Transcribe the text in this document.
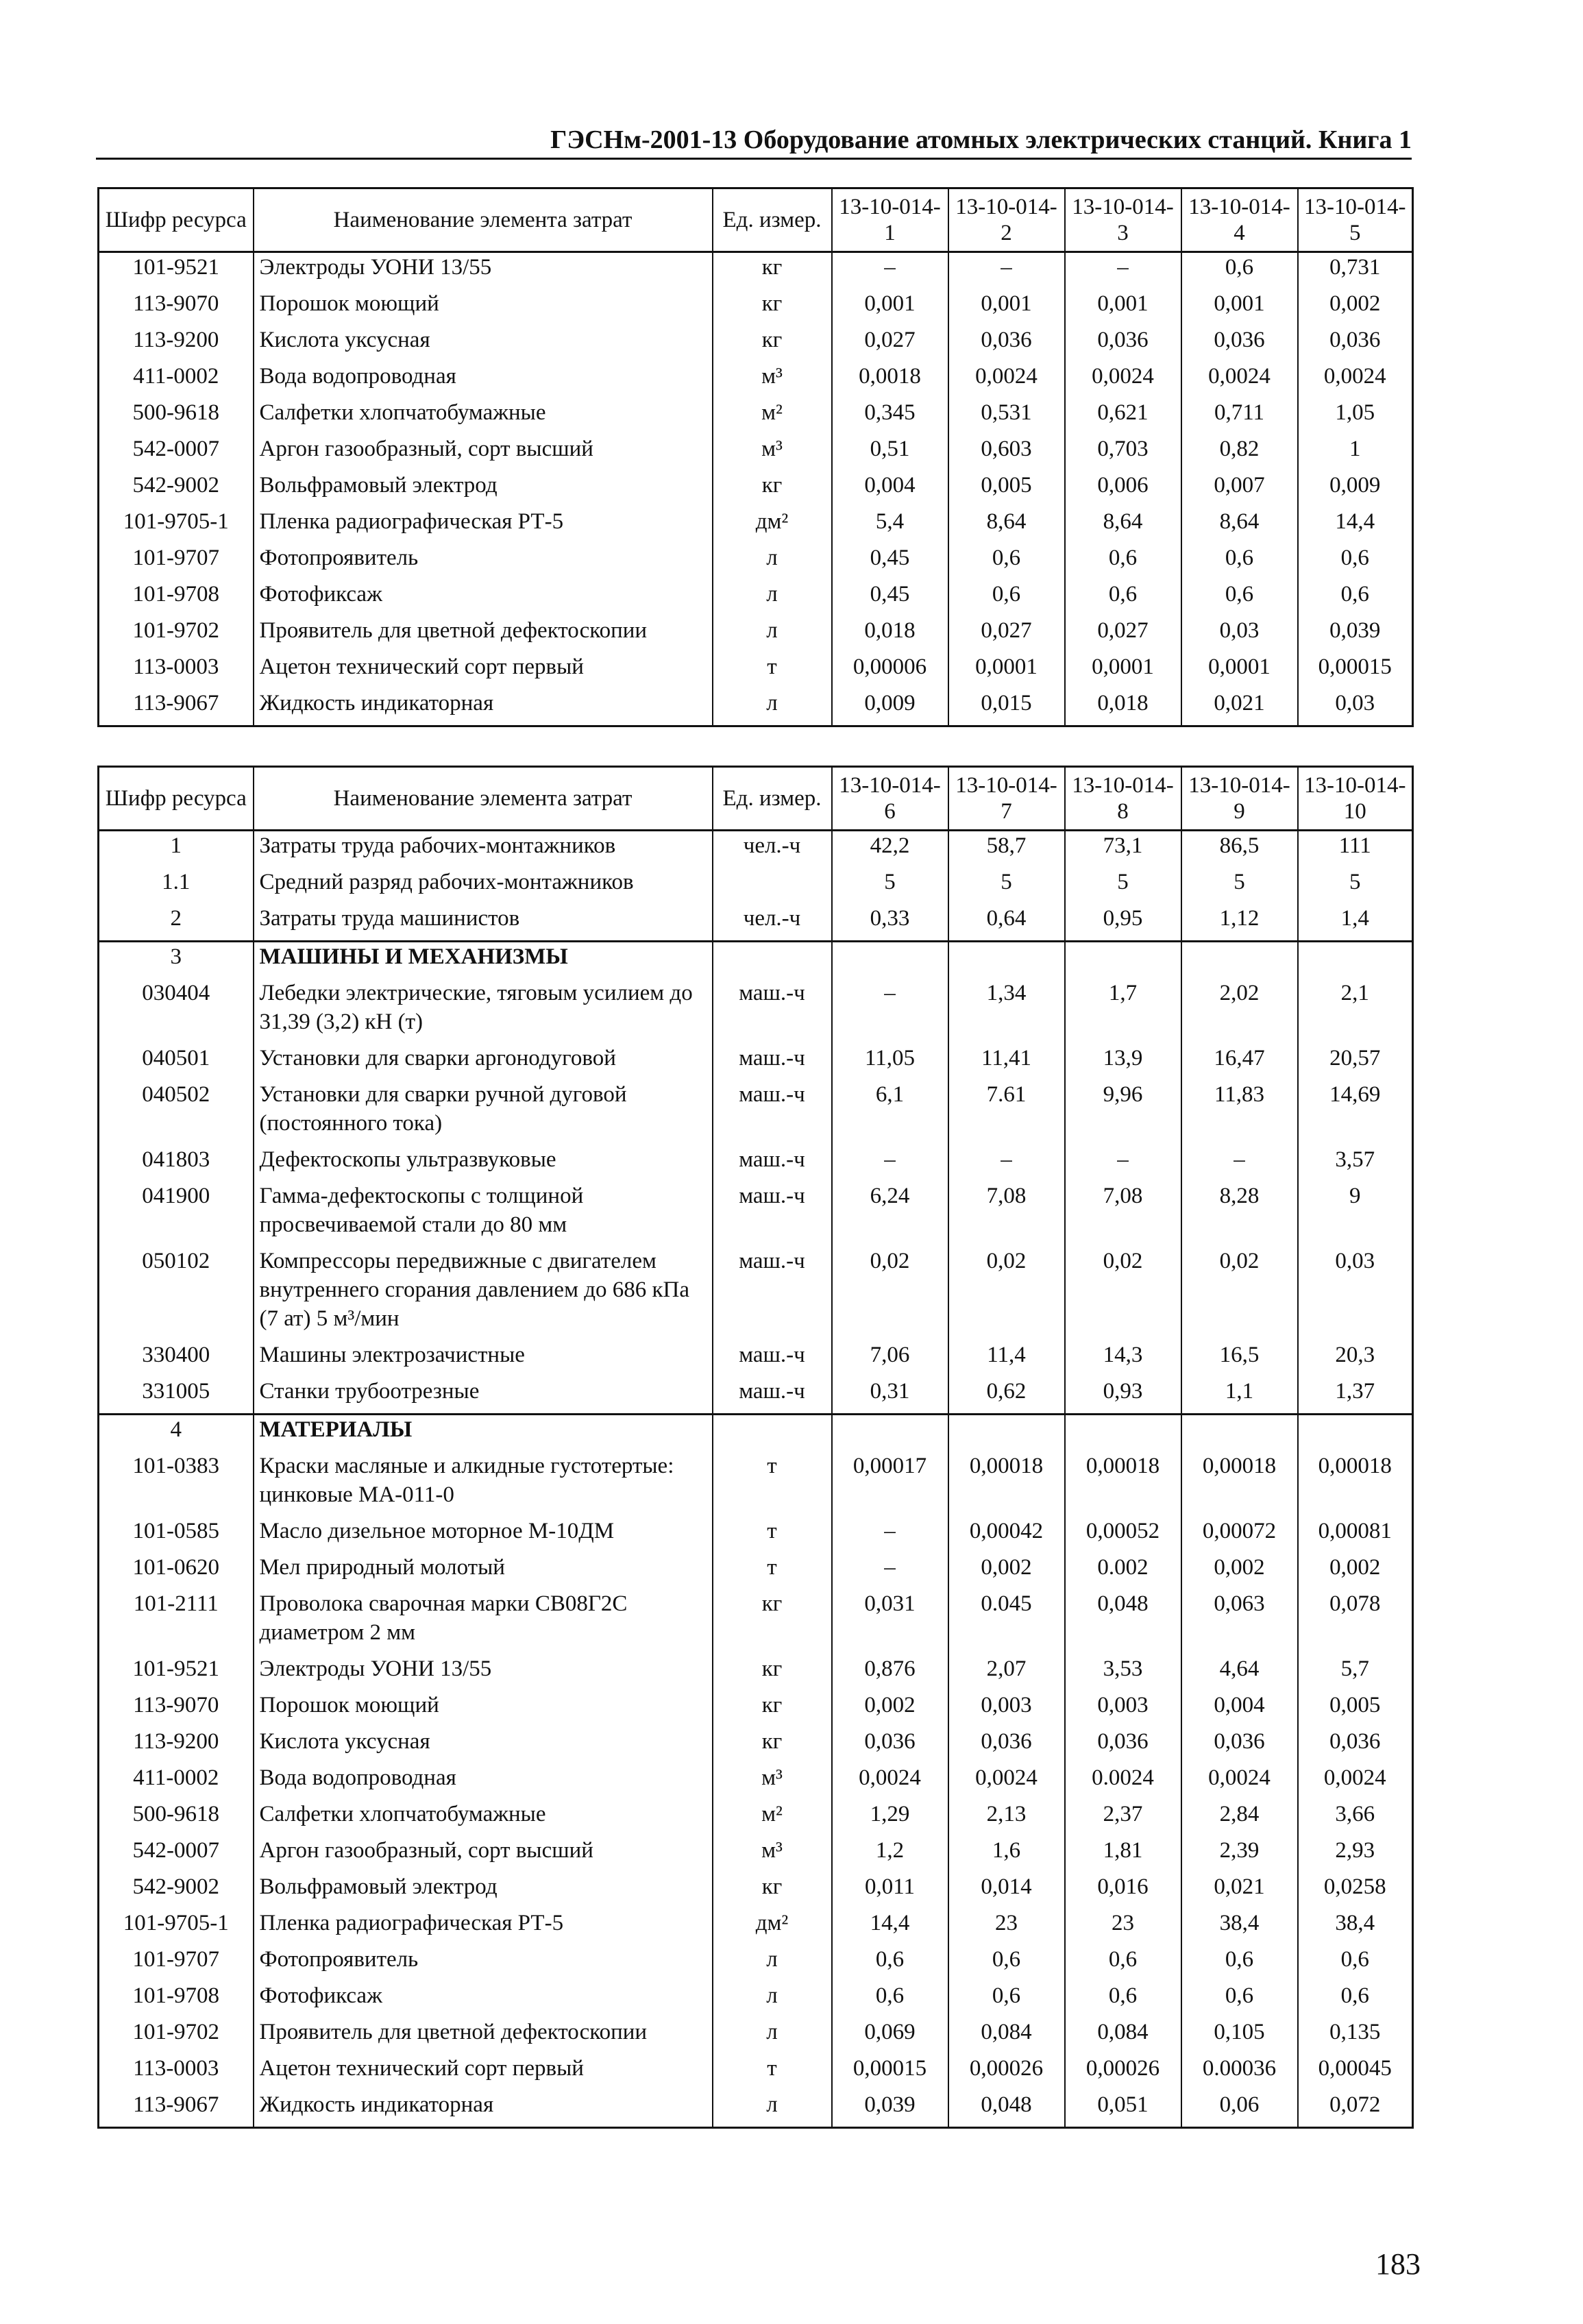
ГЭСНм-2001-13 Оборудование атомных электрических станций. Книга 1
Шифр ресурса	Наименование элемента затрат	Ед. измер.	13-10-014-1	13-10-014-2	13-10-014-3	13-10-014-4	13-10-014-5
101-9521	Электроды УОНИ 13/55	кг	–	–	–	0,6	0,731
113-9070	Порошок моющий	кг	0,001	0,001	0,001	0,001	0,002
113-9200	Кислота уксусная	кг	0,027	0,036	0,036	0,036	0,036
411-0002	Вода водопроводная	м³	0,0018	0,0024	0,0024	0,0024	0,0024
500-9618	Салфетки хлопчатобумажные	м²	0,345	0,531	0,621	0,711	1,05
542-0007	Аргон газообразный, сорт высший	м³	0,51	0,603	0,703	0,82	1
542-9002	Вольфрамовый электрод	кг	0,004	0,005	0,006	0,007	0,009
101-9705-1	Пленка радиографическая РТ-5	дм²	5,4	8,64	8,64	8,64	14,4
101-9707	Фотопроявитель	л	0,45	0,6	0,6	0,6	0,6
101-9708	Фотофиксаж	л	0,45	0,6	0,6	0,6	0,6
101-9702	Проявитель для цветной дефектоскопии	л	0,018	0,027	0,027	0,03	0,039
113-0003	Ацетон технический сорт первый	т	0,00006	0,0001	0,0001	0,0001	0,00015
113-9067	Жидкость индикаторная	л	0,009	0,015	0,018	0,021	0,03
Шифр ресурса	Наименование элемента затрат	Ед. измер.	13-10-014-6	13-10-014-7	13-10-014-8	13-10-014-9	13-10-014-10
1	Затраты труда рабочих-монтажников	чел.-ч	42,2	58,7	73,1	86,5	111
1.1	Средний разряд рабочих-монтажников		5	5	5	5	5
2	Затраты труда машинистов	чел.-ч	0,33	0,64	0,95	1,12	1,4
3	МАШИНЫ И МЕХАНИЗМЫ						
030404	Лебедки электрические, тяговым усилием до 31,39 (3,2) кН (т)	маш.-ч	–	1,34	1,7	2,02	2,1
040501	Установки для сварки аргонодуговой	маш.-ч	11,05	11,41	13,9	16,47	20,57
040502	Установки для сварки ручной дуговой (постоянного тока)	маш.-ч	6,1	7.61	9,96	11,83	14,69
041803	Дефектоскопы ультразвуковые	маш.-ч	–	–	–	–	3,57
041900	Гамма-дефектоскопы с толщиной просвечиваемой стали до 80 мм	маш.-ч	6,24	7,08	7,08	8,28	9
050102	Компрессоры передвижные с двигателем внутреннего сгорания давлением до 686 кПа (7 ат) 5 м³/мин	маш.-ч	0,02	0,02	0,02	0,02	0,03
330400	Машины электрозачистные	маш.-ч	7,06	11,4	14,3	16,5	20,3
331005	Станки трубоотрезные	маш.-ч	0,31	0,62	0,93	1,1	1,37
4	МАТЕРИАЛЫ						
101-0383	Краски масляные и алкидные густотертые: цинковые МА-011-0	т	0,00017	0,00018	0,00018	0,00018	0,00018
101-0585	Масло дизельное моторное М-10ДМ	т	–	0,00042	0,00052	0,00072	0,00081
101-0620	Мел природный молотый	т	–	0,002	0.002	0,002	0,002
101-2111	Проволока сварочная марки СВ08Г2С диаметром 2 мм	кг	0,031	0.045	0,048	0,063	0,078
101-9521	Электроды УОНИ 13/55	кг	0,876	2,07	3,53	4,64	5,7
113-9070	Порошок моющий	кг	0,002	0,003	0,003	0,004	0,005
113-9200	Кислота уксусная	кг	0,036	0,036	0,036	0,036	0,036
411-0002	Вода водопроводная	м³	0,0024	0,0024	0.0024	0,0024	0,0024
500-9618	Салфетки хлопчатобумажные	м²	1,29	2,13	2,37	2,84	3,66
542-0007	Аргон газообразный, сорт высший	м³	1,2	1,6	1,81	2,39	2,93
542-9002	Вольфрамовый электрод	кг	0,011	0,014	0,016	0,021	0,0258
101-9705-1	Пленка радиографическая РТ-5	дм²	14,4	23	23	38,4	38,4
101-9707	Фотопроявитель	л	0,6	0,6	0,6	0,6	0,6
101-9708	Фотофиксаж	л	0,6	0,6	0,6	0,6	0,6
101-9702	Проявитель для цветной дефектоскопии	л	0,069	0,084	0,084	0,105	0,135
113-0003	Ацетон технический сорт первый	т	0,00015	0,00026	0,00026	0.00036	0,00045
113-9067	Жидкость индикаторная	л	0,039	0,048	0,051	0,06	0,072
183
